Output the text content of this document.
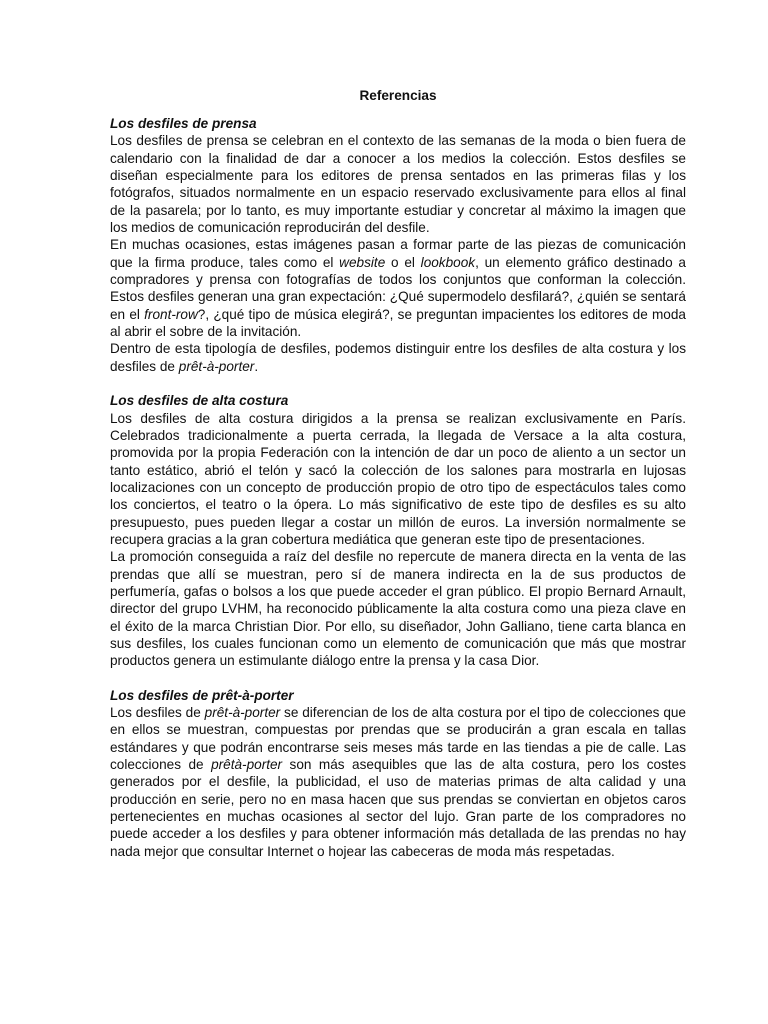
Referencias
Los desfiles de prensa

Los desfiles de prensa se celebran en el contexto de las semanas de la moda o bien fuera de calendario con la finalidad de dar a conocer a los medios la colección. Estos desfiles se diseñan especialmente para los editores de prensa sentados en las primeras filas y los fotógrafos, situados normalmente en un espacio reservado exclusivamente para ellos al final de la pasarela; por lo tanto, es muy importante estudiar y concretar al máximo la imagen que los medios de comunicación reproducirán del desfile.

En muchas ocasiones, estas imágenes pasan a formar parte de las piezas de comunicación que la firma produce, tales como el website o el lookbook, un elemento gráfico destinado a compradores y prensa con fotografías de todos los conjuntos que conforman la colección. Estos desfiles generan una gran expectación: ¿Qué supermodelo desfilará?, ¿quién se sentará en el front-row?, ¿qué tipo de música elegirá?, se preguntan impacientes los editores de moda al abrir el sobre de la invitación.

Dentro de esta tipología de desfiles, podemos distinguir entre los desfiles de alta costura y los desfiles de prêt-à-porter.

Los desfiles de alta costura

Los desfiles de alta costura dirigidos a la prensa se realizan exclusivamente en París. Celebrados tradicionalmente a puerta cerrada, la llegada de Versace a la alta costura, promovida por la propia Federación con la intención de dar un poco de aliento a un sector un tanto estático, abrió el telón y sacó la colección de los salones para mostrarla en lujosas localizaciones con un concepto de producción propio de otro tipo de espectáculos tales como los conciertos, el teatro o la ópera. Lo más significativo de este tipo de desfiles es su alto presupuesto, pues pueden llegar a costar un millón de euros. La inversión normalmente se recupera gracias a la gran cobertura mediática que generan este tipo de presentaciones.

La promoción conseguida a raíz del desfile no repercute de manera directa en la venta de las prendas que allí se muestran, pero sí de manera indirecta en la de sus productos de perfumería, gafas o bolsos a los que puede acceder el gran público. El propio Bernard Arnault, director del grupo LVHM, ha reconocido públicamente la alta costura como una pieza clave en el éxito de la marca Christian Dior. Por ello, su diseñador, John Galliano, tiene carta blanca en sus desfiles, los cuales funcionan como un elemento de comunicación que más que mostrar productos genera un estimulante diálogo entre la prensa y la casa Dior.

Los desfiles de prêt-à-porter

Los desfiles de prêt-à-porter se diferencian de los de alta costura por el tipo de colecciones que en ellos se muestran, compuestas por prendas que se producirán a gran escala en tallas estándares y que podrán encontrarse seis meses más tarde en las tiendas a pie de calle. Las colecciones de prêtà-porter son más asequibles que las de alta costura, pero los costes generados por el desfile, la publicidad, el uso de materias primas de alta calidad y una producción en serie, pero no en masa hacen que sus prendas se conviertan en objetos caros pertenecientes en muchas ocasiones al sector del lujo. Gran parte de los compradores no puede acceder a los desfiles y para obtener información más detallada de las prendas no hay nada mejor que consultar Internet o hojear las cabeceras de moda más respetadas.
